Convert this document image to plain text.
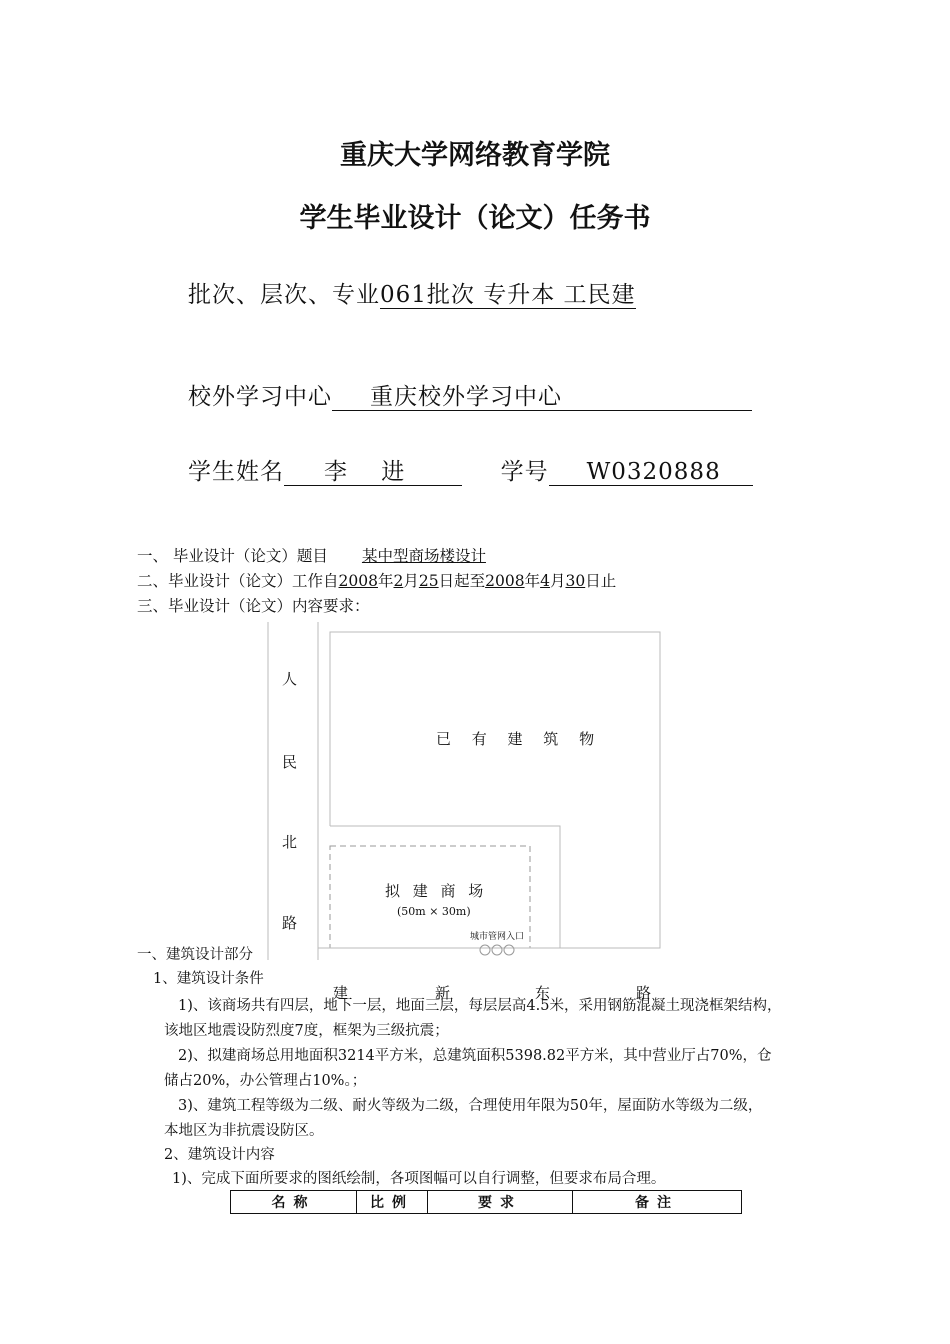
重庆大学网络教育学院
学生毕业设计（论文）任务书
批次、层次、专业061批次 专升本 工民建
校外学习中心 重庆校外学习中心
学生姓名 李    进	学号 W0320888
一、 毕业设计（论文）题目 某中型商场楼设计
二、毕业设计（论文）工作自2008年2月25日起至2008年4月30日止
三、毕业设计（论文）内容要求：
人
民
北
路
已 有 建 筑 物
拟 建 商 场
(50m × 30m)
城市管网入口
建	新	东	路
一、建筑设计部分
1、建筑设计条件
1)、该商场共有四层，地下一层，地面三层，每层层高4.5米，采用钢筋混凝土现浇框架结构，
该地区地震设防烈度7度，框架为三级抗震；
2)、拟建商场总用地面积3214平方米，总建筑面积5398.82平方米，其中营业厅占70%，仓
储占20%，办公管理占10%。；
3)、建筑工程等级为二级、耐火等级为二级，合理使用年限为50年，屋面防水等级为二级，
本地区为非抗震设防区。
2、建筑设计内容
1)、完成下面所要求的图纸绘制，各项图幅可以自行调整，但要求布局合理。
名称	比例	要求	备注
